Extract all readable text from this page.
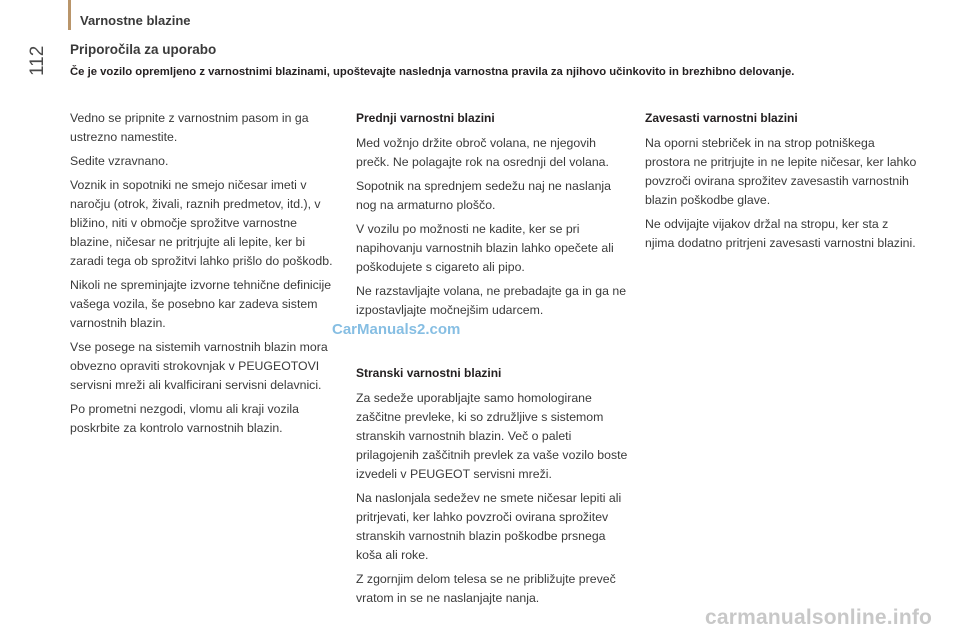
Varnostne blazine
112 Priporočila za uporabo
Če je vozilo opremljeno z varnostnimi blazinami, upoštevajte naslednja varnostna pravila za njihovo učinkovito in brezhibno delovanje.

Vedno se pripnite z varnostnim pasom in ga ustrezno namestite.

Sedite vzravnano.

Voznik in sopotniki ne smejo ničesar imeti v naročju (otrok, živali, raznih predmetov, itd.), v bližino, niti v območje sprožitve varnostne blazine, ničesar ne pritrjujte ali lepite, ker bi zaradi tega ob sprožitvi lahko prišlo do poškodb.

Nikoli ne spreminjajte izvorne tehnične definicije vašega vozila, še posebno kar zadeva sistem varnostnih blazin.

Vse posege na sistemih varnostnih blazin mora obvezno opraviti strokovnjak v PEUGEOTOVI servisni mreži ali kvalficirani servisni delavnici.

Po prometni nezgodi, vlomu ali kraji vozila poskrbite za kontrolo varnostnih blazin.

Prednji varnostni blazini

Med vožnjo držite obroč volana, ne njegovih prečk. Ne polagajte rok na osrednji del volana.

Sopotnik na sprednjem sedežu naj ne naslanja nog na armaturno ploščo.

V vozilu po možnosti ne kadite, ker se pri napihovanju varnostnih blazin lahko opečete ali poškodujete s cigareto ali pipo.

Ne razstavljajte volana, ne prebadajte ga in ga ne izpostavljajte močnejšim udarcem.

Stranski varnostni blazini

Za sedeže uporabljajte samo homologirane zaščitne prevleke, ki so združljive s sistemom stranskih varnostnih blazin. Več o paleti prilagojenih zaščitnih prevlek za vaše vozilo boste izvedeli v PEUGEOT servisni mreži.

Na naslonjala sedežev ne smete ničesar lepiti ali pritrjevati, ker lahko povzroči ovirana sprožitev stranskih varnostnih blazin poškodbe prsnega koša ali roke.

Z zgornjim delom telesa se ne približujte preveč vratom in se ne naslanjajte nanja.

Zavesasti varnostni blazini

Na oporni stebriček in na strop potniškega prostora ne pritrjujte in ne lepite ničesar, ker lahko povzroči ovirana sprožitev zavesastih varnostnih blazin poškodbe glave.

Ne odvijajte vijakov držal na stropu, ker sta z njima dodatno pritrjeni zavesasti varnostni blazini.

CarManuals2.com
carmanualsonline.info
